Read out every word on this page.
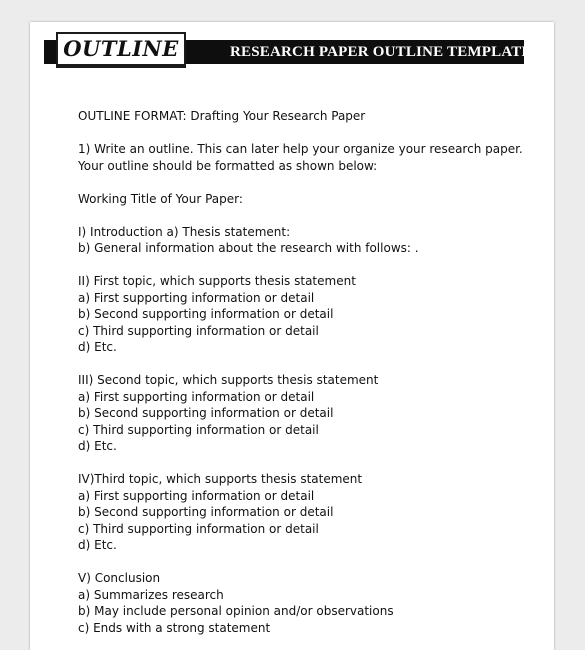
RESEARCH PAPER OUTLINE TEMPLATE
OUTLINE
OUTLINE FORMAT: Drafting Your Research Paper
1) Write an outline. This can later help your organize your research paper.
Your outline should be formatted as shown below:
Working Title of Your Paper:
I) Introduction a) Thesis statement:
b) General information about the research with follows: .
II) First topic, which supports thesis statement
a) First supporting information or detail
b) Second supporting information or detail
c) Third supporting information or detail
d) Etc.
III) Second topic, which supports thesis statement
a) First supporting information or detail
b) Second supporting information or detail
c) Third supporting information or detail
d) Etc.
IV)Third topic, which supports thesis statement
a) First supporting information or detail
b) Second supporting information or detail
c) Third supporting information or detail
d) Etc.
V) Conclusion
a) Summarizes research
b) May include personal opinion and/or observations
c) Ends with a strong statement
